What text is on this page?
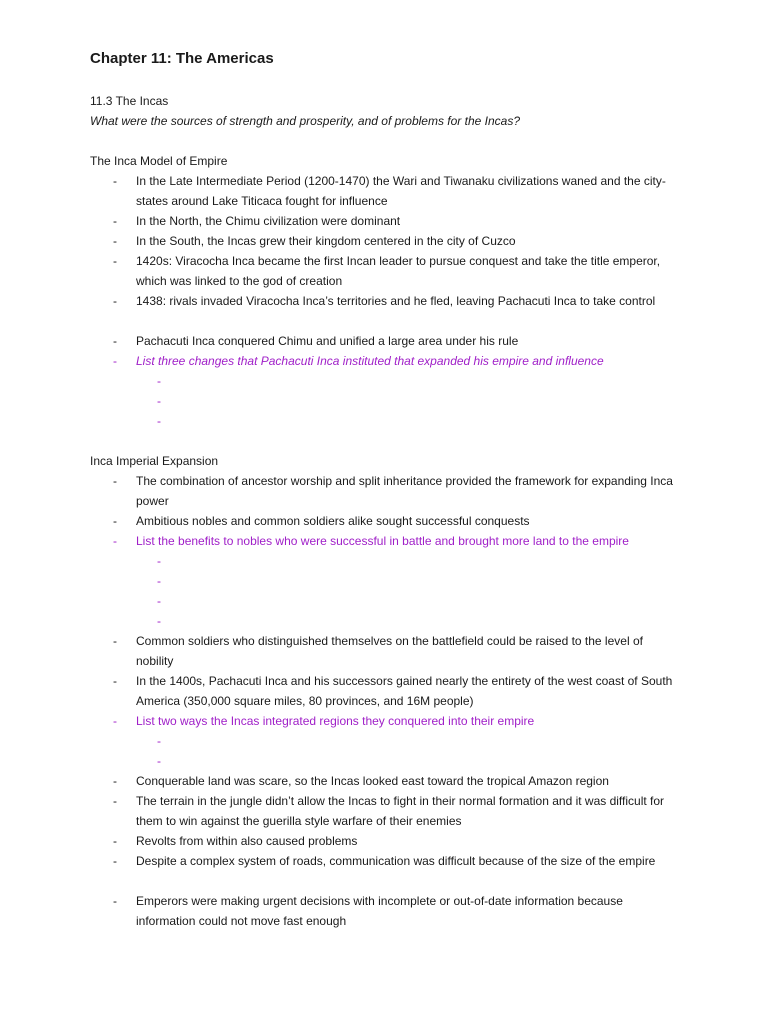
Chapter 11: The Americas
11.3 The Incas
What were the sources of strength and prosperity, and of problems for the Incas?
The Inca Model of Empire
- In the Late Intermediate Period (1200-1470) the Wari and Tiwanaku civilizations waned and the city-states around Lake Titicaca fought for influence
- In the North, the Chimu civilization were dominant
- In the South, the Incas grew their kingdom centered in the city of Cuzco
- 1420s: Viracocha Inca became the first Incan leader to pursue conquest and take the title emperor, which was linked to the god of creation
- 1438: rivals invaded Viracocha Inca’s territories and he fled, leaving Pachacuti Inca to take control
- Pachacuti Inca conquered Chimu and unified a large area under his rule
- List three changes that Pachacuti Inca instituted that expanded his empire and influence
-
-
-
Inca Imperial Expansion
- The combination of ancestor worship and split inheritance provided the framework for expanding Inca power
- Ambitious nobles and common soldiers alike sought successful conquests
- List the benefits to nobles who were successful in battle and brought more land to the empire
-
-
-
-
- Common soldiers who distinguished themselves on the battlefield could be raised to the level of nobility
- In the 1400s, Pachacuti Inca and his successors gained nearly the entirety of the west coast of South America (350,000 square miles, 80 provinces, and 16M people)
- List two ways the Incas integrated regions they conquered into their empire
-
-
- Conquerable land was scare, so the Incas looked east toward the tropical Amazon region
- The terrain in the jungle didn’t allow the Incas to fight in their normal formation and it was difficult for them to win against the guerilla style warfare of their enemies
- Revolts from within also caused problems
- Despite a complex system of roads, communication was difficult because of the size of the empire
- Emperors were making urgent decisions with incomplete or out-of-date information because information could not move fast enough
